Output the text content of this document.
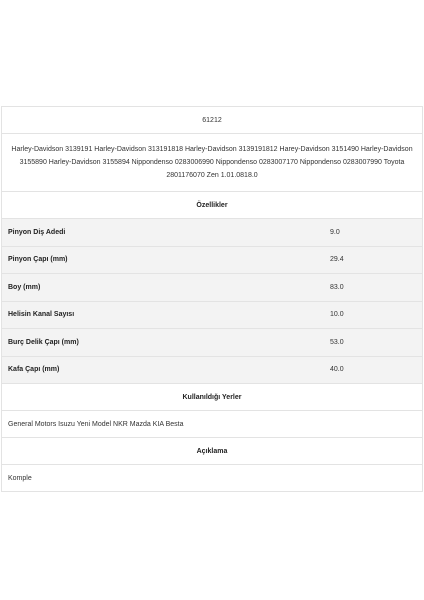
61212
Harley-Davidson 3139191 Harley-Davidson 313191818 Harley-Davidson 3139191812 Harey-Davidson 3151490 Harley-Davidson 3155890 Harley-Davidson 3155894 Nippondenso 0283006990 Nippondenso 0283007170 Nippondenso 0283007990 Toyota 2801176070 Zen 1.01.0818.0
Özellikler
Pinyon Diş Adedi	9.0
Pinyon Çapı (mm)	29.4
Boy (mm)	83.0
Helisin Kanal Sayısı	10.0
Burç Delik Çapı (mm)	53.0
Kafa Çapı (mm)	40.0
Kullanıldığı Yerler
General Motors Isuzu Yeni Model NKR Mazda KIA Besta
Açıklama
Komple
